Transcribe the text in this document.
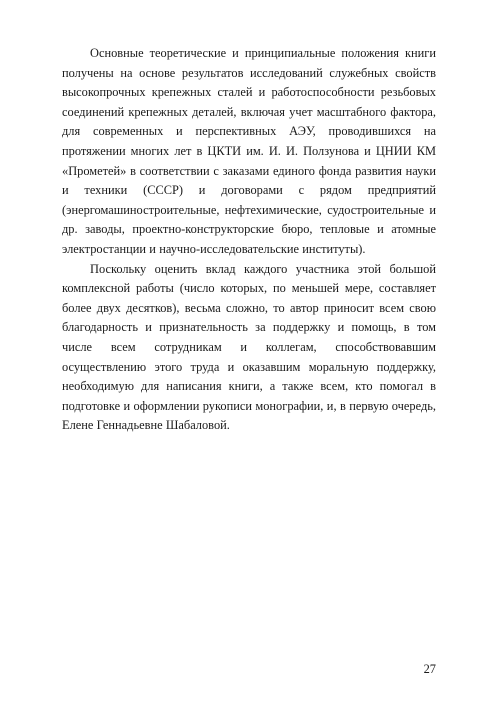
Основные теоретические и принципиальные положения книги получены на основе результатов исследований служебных свойств высокопрочных крепежных сталей и работоспособности резьбовых соединений крепежных деталей, включая учет масштабного фактора, для современных и перспективных АЭУ, проводившихся на протяжении многих лет в ЦКТИ им. И. И. Ползунова и ЦНИИ КМ «Прометей» в соответствии с заказами единого фонда развития науки и техники (СССР) и договорами с рядом предприятий (энергомашиностроительные, нефтехимические, судостроительные и др. заводы, проектно-конструкторские бюро, тепловые и атомные электростанции и научно-исследовательские институты).

Поскольку оценить вклад каждого участника этой большой комплексной работы (число которых, по меньшей мере, составляет более двух десятков), весьма сложно, то автор приносит всем свою благодарность и признательность за поддержку и помощь, в том числе всем сотрудникам и коллегам, способствовавшим осуществлению этого труда и оказавшим моральную поддержку, необходимую для написания книги, а также всем, кто помогал в подготовке и оформлении рукописи монографии, и, в первую очередь, Елене Геннадьевне Шабаловой.

27
